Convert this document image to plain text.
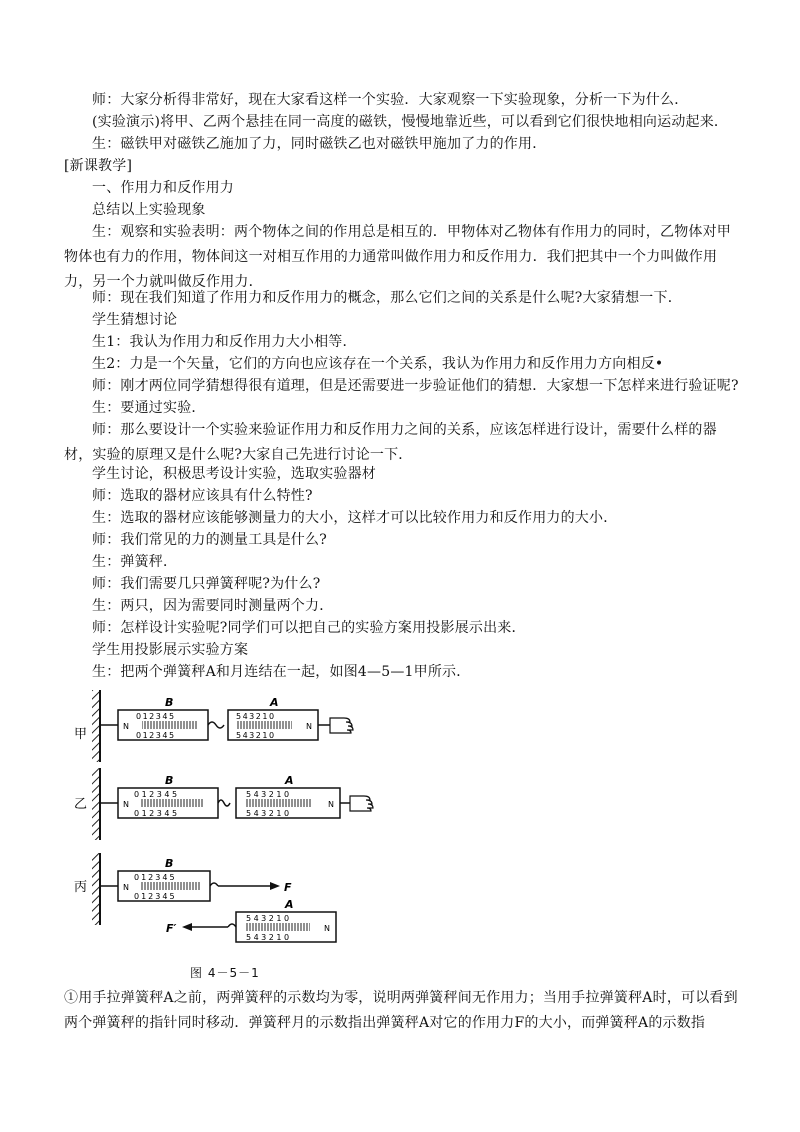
师：大家分析得非常好，现在大家看这样一个实验．大家观察一下实验现象，分析一下为什么．
(实验演示)将甲、乙两个悬挂在同一高度的磁铁，慢慢地靠近些，可以看到它们很快地相向运动起来．
生：磁铁甲对磁铁乙施加了力，同时磁铁乙也对磁铁甲施加了力的作用．
[新课教学]
一、作用力和反作用力
总结以上实验现象
生：观察和实验表明：两个物体之间的作用总是相互的．甲物体对乙物体有作用力的同时，乙物体对甲物体也有力的作用，物体间这一对相互作用的力通常叫做作用力和反作用力．我们把其中一个力叫做作用力，另一个力就叫做反作用力．
师：现在我们知道了作用力和反作用力的概念，那么它们之间的关系是什么呢?大家猜想一下．
学生猜想讨论
生1：我认为作用力和反作用力大小相等．
生2：力是一个矢量，它们的方向也应该存在一个关系，我认为作用力和反作用力方向相反•
师：刚才两位同学猜想得很有道理，但是还需要进一步验证他们的猜想．大家想一下怎样来进行验证呢?
生：要通过实验．
师：那么要设计一个实验来验证作用力和反作用力之间的关系，应该怎样进行设计，需要什么样的器材，实验的原理又是什么呢?大家自己先进行讨论一下．
学生讨论，积极思考设计实验，选取实验器材
师：选取的器材应该具有什么特性?
生：选取的器材应该能够测量力的大小，这样才可以比较作用力和反作用力的大小．
师：我们常见的力的测量工具是什么?
生：弹簧秤．
师：我们需要几只弹簧秤呢?为什么?
生：两只，因为需要同时测量两个力．
师：怎样设计实验呢?同学们可以把自己的实验方案用投影展示出来．
学生用投影展示实验方案
生：把两个弹簧秤A和月连结在一起，如图4—5—1甲所示．
甲
乙
丙
B
012345
012345
N
A
543210
543210
N
B
012345
012345
N
A
543210
543210
N
B
012345
012345
N	F
A
543210
543210
N
F′
图 4－5－1
①用手拉弹簧秤A之前，两弹簧秤的示数均为零，说明两弹簧秤间无作用力；当用手拉弹簧秤A时，可以看到两个弹簧秤的指针同时移动．弹簧秤月的示数指出弹簧秤A对它的作用力F的大小，而弹簧秤A的示数指
